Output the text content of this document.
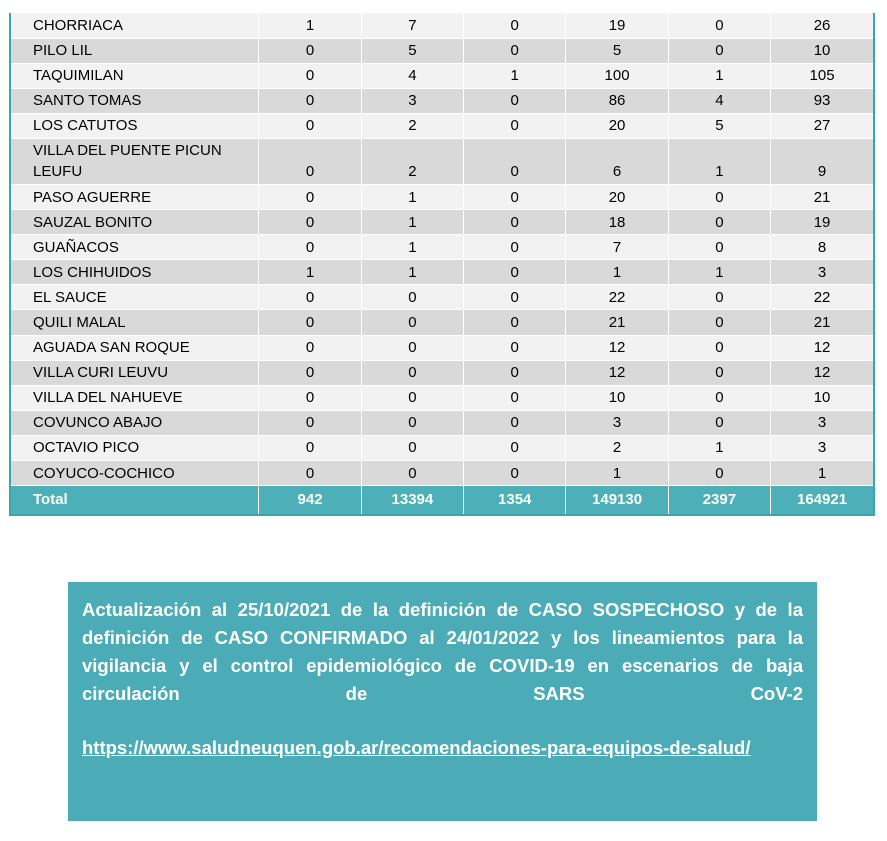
CHORRIACA	1	7	0	19	0	26
PILO LIL	0	5	0	5	0	10
TAQUIMILAN	0	4	1	100	1	105
SANTO TOMAS	0	3	0	86	4	93
LOS CATUTOS	0	2	0	20	5	27
VILLA DEL PUENTE PICUN LEUFU	0	2	0	6	1	9
PASO AGUERRE	0	1	0	20	0	21
SAUZAL BONITO	0	1	0	18	0	19
GUAÑACOS	0	1	0	7	0	8
LOS CHIHUIDOS	1	1	0	1	1	3
EL SAUCE	0	0	0	22	0	22
QUILI MALAL	0	0	0	21	0	21
AGUADA SAN ROQUE	0	0	0	12	0	12
VILLA CURI LEUVU	0	0	0	12	0	12
VILLA DEL NAHUEVE	0	0	0	10	0	10
COVUNCO ABAJO	0	0	0	3	0	3
OCTAVIO PICO	0	0	0	2	1	3
COYUCO-COCHICO	0	0	0	1	0	1
Total	942	13394	1354	149130	2397	164921

Actualización al 25/10/2021 de la definición de CASO SOSPECHOSO y de la definición de CASO CONFIRMADO al 24/01/2022 y los lineamientos para la vigilancia y el control epidemiológico de COVID-19 en escenarios de baja circulación de SARS CoV-2

https://www.saludneuquen.gob.ar/recomendaciones-para-equipos-de-salud/
